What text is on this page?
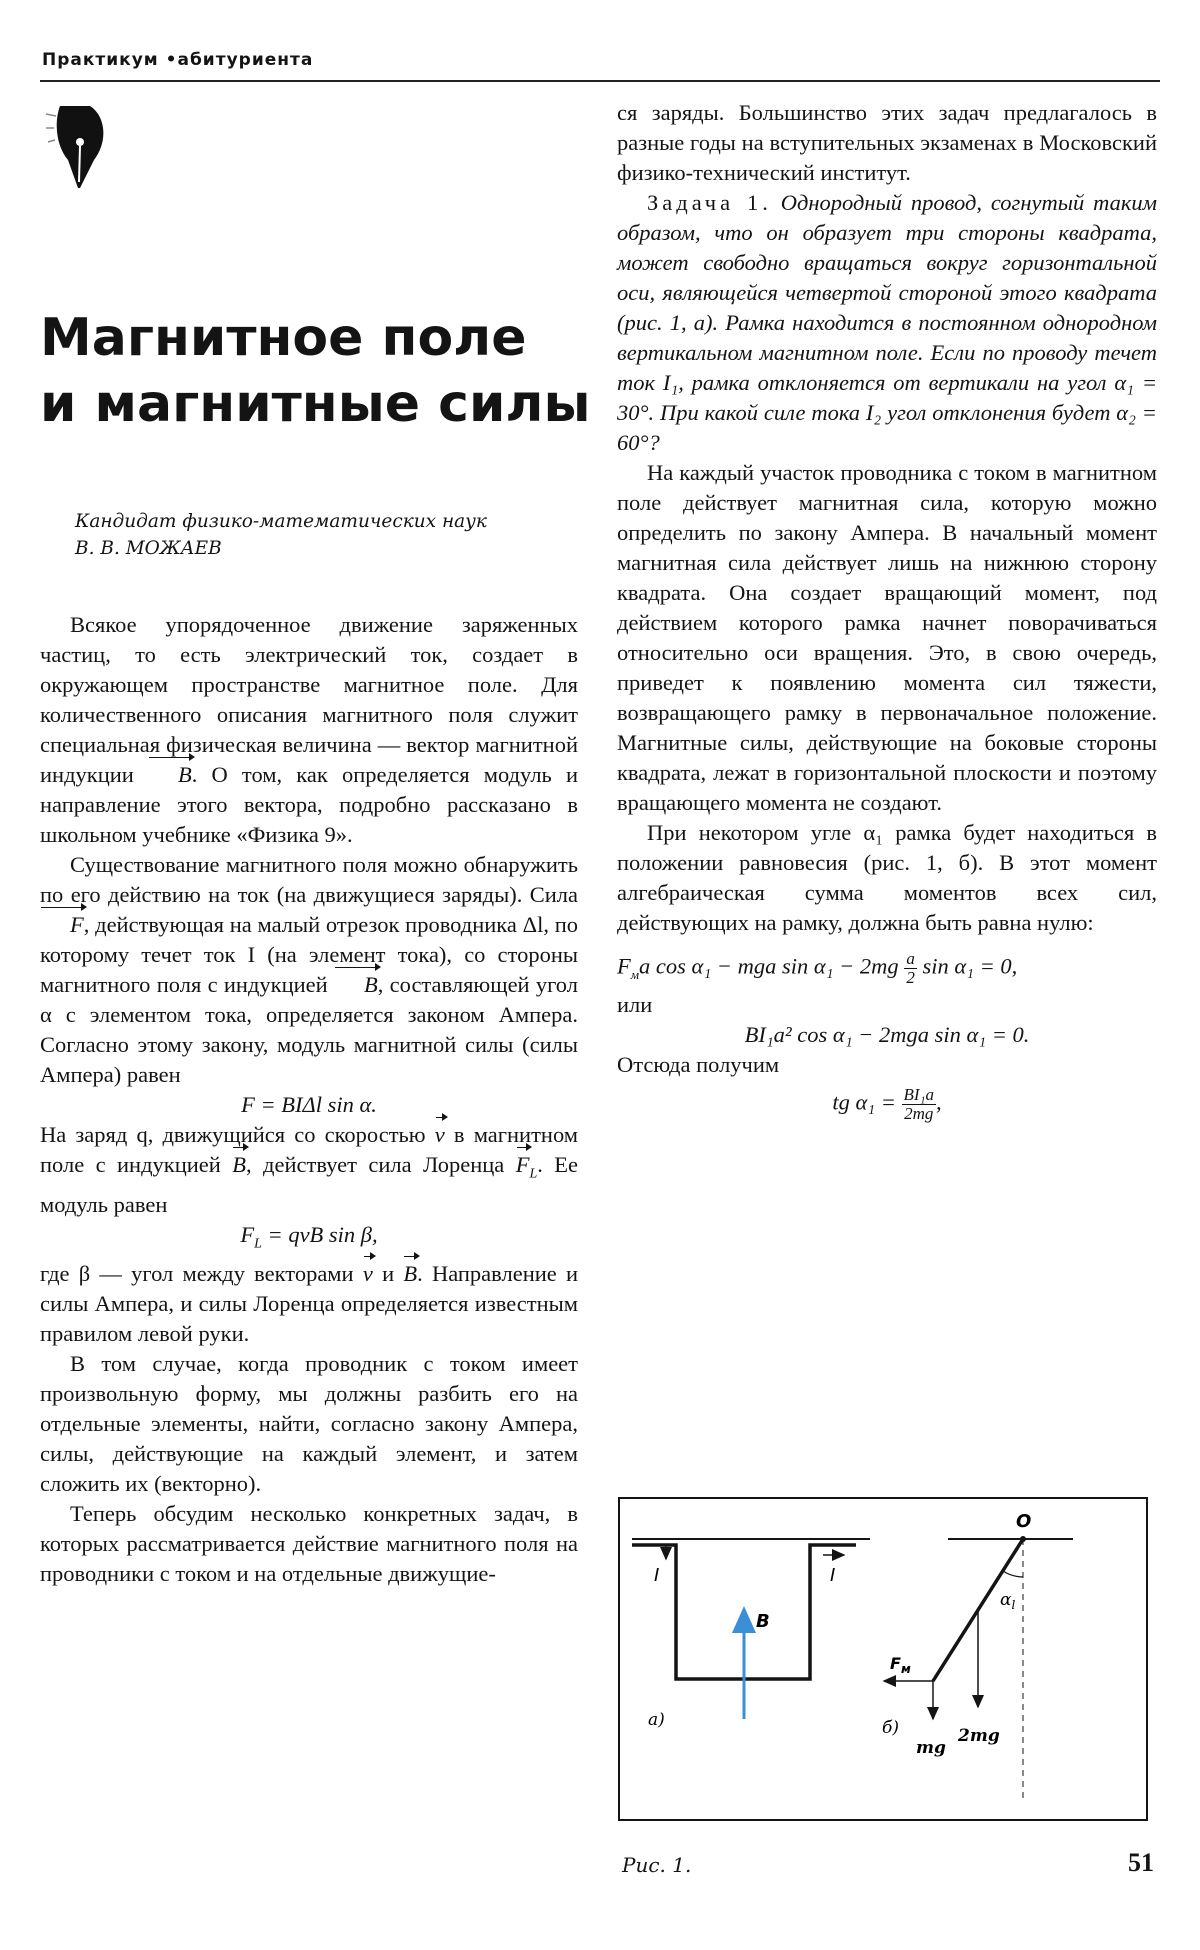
Практикум •абитуриента
Магнитное поле
и магнитные силы
Кандидат физико-математических наук
В. В. МОЖАЕВ

Всякое упорядоченное движение заряженных частиц, то есть электрический ток, создает в окружающем пространстве магнитное поле. Для количественного описания магнитного поля служит специальная физическая величина — вектор магнитной индукции B. О том, как определяется модуль и направление этого вектора, подробно рассказано в школьном учебнике «Физика 9».

Существование магнитного поля можно обнаружить по его действию на ток (на движущиеся заряды). Сила F, действующая на малый отрезок проводника Δl, по которому течет ток I (на элемент тока), со стороны магнитного поля с индукцией B, составляющей угол α с элементом тока, определяется законом Ампера. Согласно этому закону, модуль магнитной силы (силы Ампера) равен

F = BIΔl sin α.

На заряд q, движущийся со скоростью v в магнитном поле с индукцией B, действует сила Лоренца $F_L$. Ее модуль равен

$F_L$ = qvB sin β,

где β — угол между векторами v и B. Направление и силы Ампера, и силы Лоренца определяется известным правилом левой руки.

В том случае, когда проводник с током имеет произвольную форму, мы должны разбить его на отдельные элементы, найти, согласно закону Ампера, силы, действующие на каждый элемент, и затем сложить их (векторно).

Теперь обсудим несколько конкретных задач, в которых рассматривается действие магнитного поля на проводники с током и на отдельные движущие-

ся заряды. Большинство этих задач предлагалось в разные годы на вступительных экзаменах в Московский физико-технический институт.

Задача 1. Однородный провод, согнутый таким образом, что он образует три стороны квадрата, может свободно вращаться вокруг горизонтальной оси, являющейся четвертой стороной этого квадрата (рис. 1, а). Рамка находится в постоянном однородном вертикальном магнитном поле. Если по проводу течет ток I₁, рамка отклоняется от вертикали на угол α₁ = 30°. При какой силе тока I₂ угол отклонения будет α₂ = 60°?

На каждый участок проводника с током в магнитном поле действует магнитная сила, которую можно определить по закону Ампера. В начальный момент магнитная сила действует лишь на нижнюю сторону квадрата. Она создает вращающий момент, под действием которого рамка начнет поворачиваться относительно оси вращения. Это, в свою очередь, приведет к появлению момента сил тяжести, возвращающего рамку в первоначальное положение. Магнитные силы, действующие на боковые стороны квадрата, лежат в горизонтальной плоскости и поэтому вращающего момента не создают.

При некотором угле α₁ рамка будет находиться в положении равновесия (рис. 1, б). В этот момент алгебраическая сумма моментов всех сил, действующих на рамку, должна быть равна нулю:

$F_мa$ cos α₁ − mga $\sin \alpha_1 - 2mg \frac{a}{2}$ sin α₁ = 0,

или

BI₁a² cos α₁ − 2mga sin α₁ = 0.

Отсюда получим

tg $\alpha_1 = \frac{\text{BI₁a}}{2mg}$ ,

I	I
B
а)
O
$\alpha_l$
$F_м$
mg
2mg
б)
Рис. 1.	51
